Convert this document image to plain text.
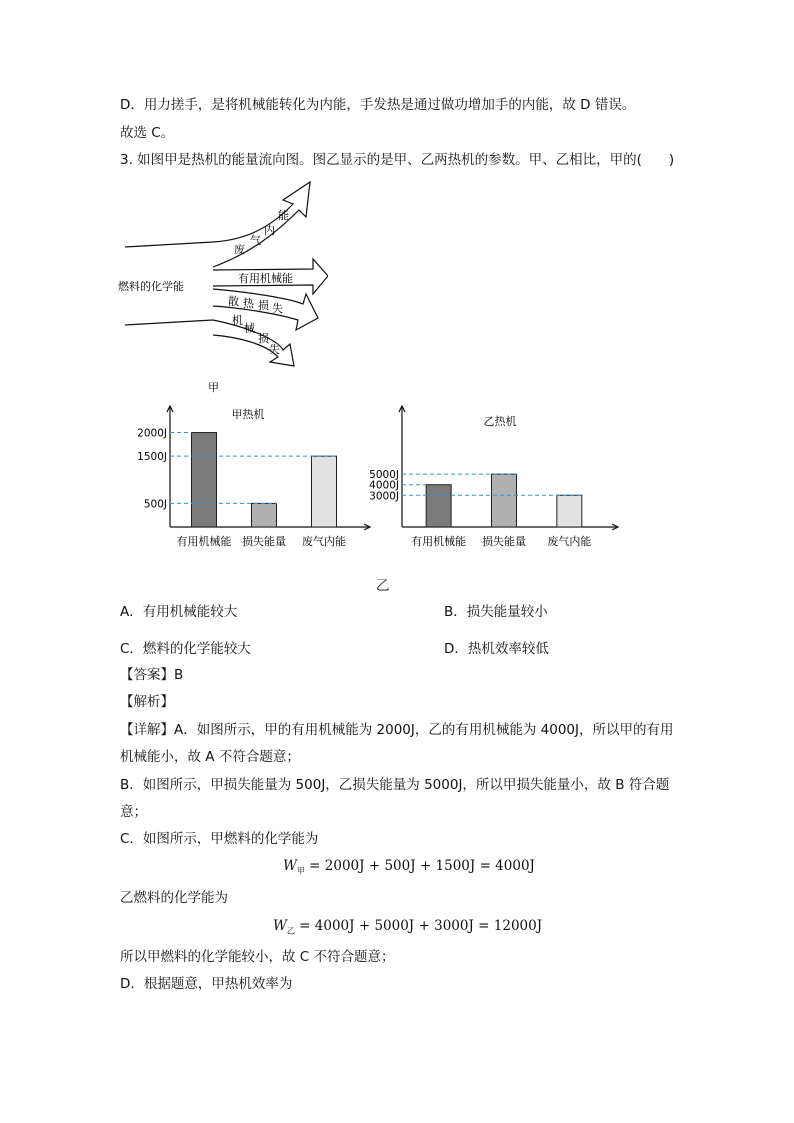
D．用力搓手，是将机械能转化为内能，手发热是通过做功增加手的内能，故 D 错误。
故选 C。
3. 如图甲是热机的能量流向图。图乙显示的是甲、乙两热机的参数。甲、乙相比，甲的(　　)
燃料的化学能
废
气
内
能
有用机械能
散 热 损 失
机
械
损
失
甲
甲热机
有用机械能 损失能量 废气内能
2000J
1500J
500J
乙热机
有用机械能 损失能量 废气内能
5000J
4000J
3000J
乙
A．有用机械能较大	B．损失能量较小
C．燃料的化学能较大	D．热机效率较低
【答案】B
【解析】
【详解】A．如图所示，甲的有用机械能为 2000J，乙的有用机械能为 4000J，所以甲的有用
机械能小，故 A 不符合题意；
B．如图所示，甲损失能量为 500J，乙损失能量为 5000J，所以甲损失能量小，故 B 符合题
意；
C．如图所示，甲燃料的化学能为
$W_甲 = 2000J + 500J + 1500J = 4000J$
乙燃料的化学能为
$W_乙 = 4000J + 5000J + 3000J = 12000J$
所以甲燃料的化学能较小，故 C 不符合题意；
D．根据题意，甲热机效率为
